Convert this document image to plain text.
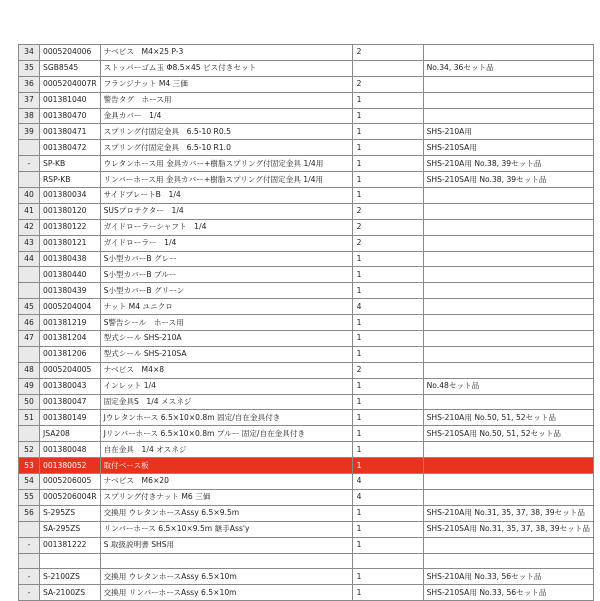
34	0005204006	ナベビス　M4×25 P-3	2	
35	SGB8545	ストッパーゴム玉 Φ8.5×45 ビス付きセット		No.34, 36セット品
36	0005204007R	フランジナット M4 三価	2	
37	001381040	警告タグ　ホース用	1	
38	001380470	金具カバー　1/4	1	
39	001380471	スプリング付固定金具　6.5-10 R0.5	1	SHS-210A用
	001380472	スプリング付固定金具　6.5-10 R1.0	1	SHS-210SA用
-	SP-KB	ウレタンホース用 金具カバー+樹脂スプリング付固定金具 1/4用	1	SHS-210A用 No.38, 39セット品
	RSP-KB	リンバーホース用 金具カバー+樹脂スプリング付固定金具 1/4用	1	SHS-210SA用 No.38, 39セット品
40	001380034	サイドプレートB　1/4	1	
41	001380120	SUSプロテクター　1/4	2	
42	001380122	ガイドローラーシャフト　1/4	2	
43	001380121	ガイドローラー　1/4	2	
44	001380438	S小型カバーB グレー	1	
	001380440	S小型カバーB ブルー	1	
	001380439	S小型カバーB グリーン	1	
45	0005204004	ナット M4 ユニクロ	4	
46	001381219	S警告シール　ホース用	1	
47	001381204	型式シール SHS-210A	1	
	001381206	型式シール SHS-210SA	1	
48	0005204005	ナベビス　M4×8	2	
49	001380043	インレット 1/4	1	No.48セット品
50	001380047	固定金具S　1/4 メスネジ	1	
51	001380149	Jウレタンホース 6.5×10×0.8m 固定/自在金具付き	1	SHS-210A用 No.50, 51, 52セット品
	JSA208	Jリンバーホース 6.5×10×0.8m ブルー 固定/自在金具付き	1	SHS-210SA用 No.50, 51, 52セット品
52	001380048	自在金具　1/4 オスネジ	1	
53	001380052	取付ベース板	1	
54	0005206005	ナベビス　M6×20	4	
55	0005206004R	スプリング付きナット M6 三価	4	
56	S-295ZS	交換用 ウレタンホースAssy 6.5×9.5m	1	SHS-210A用 No.31, 35, 37, 38, 39セット品
	SA-295ZS	リンバーホース 6.5×10×9.5m 継手Ass'y	1	SHS-210SA用 No.31, 35, 37, 38, 39セット品
-	001381222	S 取扱説明書 SHS用	1	

-	S-2100ZS	交換用 ウレタンホースAssy 6.5×10m	1	SHS-210A用 No.33, 56セット品
-	SA-2100ZS	交換用 リンバーホースAssy 6.5×10m	1	SHS-210SA用 No.33, 56セット品
